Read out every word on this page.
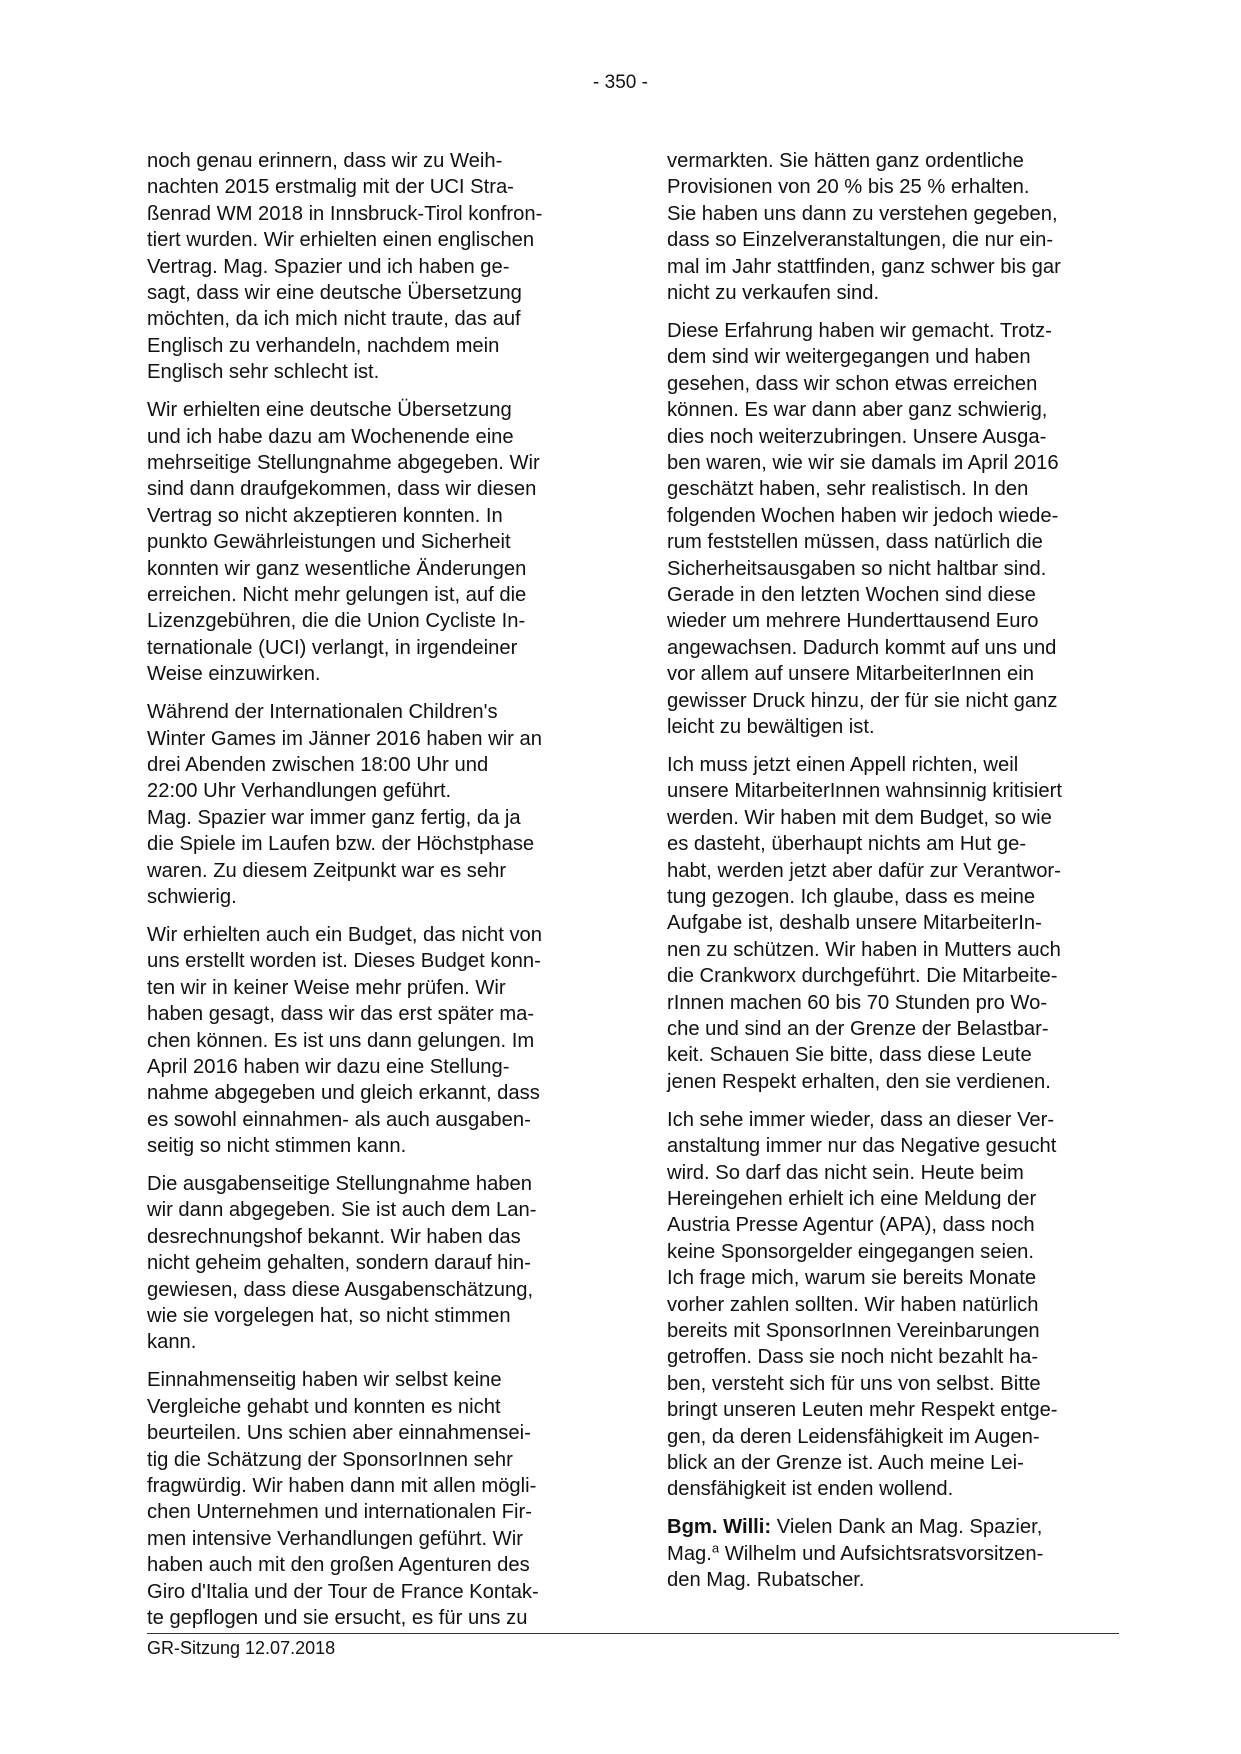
- 350 -

noch genau erinnern, dass wir zu Weih-
nachten 2015 erstmalig mit der UCI Stra-
ßenrad WM 2018 in Innsbruck-Tirol konfron-
tiert wurden. Wir erhielten einen englischen
Vertrag. Mag. Spazier und ich haben ge-
sagt, dass wir eine deutsche Übersetzung
möchten, da ich mich nicht traute, das auf
Englisch zu verhandeln, nachdem mein
Englisch sehr schlecht ist.

Wir erhielten eine deutsche Übersetzung
und ich habe dazu am Wochenende eine
mehrseitige Stellungnahme abgegeben. Wir
sind dann draufgekommen, dass wir diesen
Vertrag so nicht akzeptieren konnten. In
punkto Gewährleistungen und Sicherheit
konnten wir ganz wesentliche Änderungen
erreichen. Nicht mehr gelungen ist, auf die
Lizenzgebühren, die die Union Cycliste In-
ternationale (UCI) verlangt, in irgendeiner
Weise einzuwirken.

Während der Internationalen Children's
Winter Games im Jänner 2016 haben wir an
drei Abenden zwischen 18:00 Uhr und
22:00 Uhr Verhandlungen geführt.
Mag. Spazier war immer ganz fertig, da ja
die Spiele im Laufen bzw. der Höchstphase
waren. Zu diesem Zeitpunkt war es sehr
schwierig.

Wir erhielten auch ein Budget, das nicht von
uns erstellt worden ist. Dieses Budget konn-
ten wir in keiner Weise mehr prüfen. Wir
haben gesagt, dass wir das erst später ma-
chen können. Es ist uns dann gelungen. Im
April 2016 haben wir dazu eine Stellung-
nahme abgegeben und gleich erkannt, dass
es sowohl einnahmen- als auch ausgaben-
seitig so nicht stimmen kann.

Die ausgabenseitige Stellungnahme haben
wir dann abgegeben. Sie ist auch dem Lan-
desrechnungshof bekannt. Wir haben das
nicht geheim gehalten, sondern darauf hin-
gewiesen, dass diese Ausgabenschätzung,
wie sie vorgelegen hat, so nicht stimmen
kann.

Einnahmenseitig haben wir selbst keine
Vergleiche gehabt und konnten es nicht
beurteilen. Uns schien aber einnahmensei-
tig die Schätzung der SponsorInnen sehr
fragwürdig. Wir haben dann mit allen mögli-
chen Unternehmen und internationalen Fir-
men intensive Verhandlungen geführt. Wir
haben auch mit den großen Agenturen des
Giro d'Italia und der Tour de France Kontak-
te gepflogen und sie ersucht, es für uns zu

vermarkten. Sie hätten ganz ordentliche
Provisionen von 20 % bis 25 % erhalten.
Sie haben uns dann zu verstehen gegeben,
dass so Einzelveranstaltungen, die nur ein-
mal im Jahr stattfinden, ganz schwer bis gar
nicht zu verkaufen sind.

Diese Erfahrung haben wir gemacht. Trotz-
dem sind wir weitergegangen und haben
gesehen, dass wir schon etwas erreichen
können. Es war dann aber ganz schwierig,
dies noch weiterzubringen. Unsere Ausga-
ben waren, wie wir sie damals im April 2016
geschätzt haben, sehr realistisch. In den
folgenden Wochen haben wir jedoch wiede-
rum feststellen müssen, dass natürlich die
Sicherheitsausgaben so nicht haltbar sind.
Gerade in den letzten Wochen sind diese
wieder um mehrere Hunderttausend Euro
angewachsen. Dadurch kommt auf uns und
vor allem auf unsere MitarbeiterInnen ein
gewisser Druck hinzu, der für sie nicht ganz
leicht zu bewältigen ist.

Ich muss jetzt einen Appell richten, weil
unsere MitarbeiterInnen wahnsinnig kritisiert
werden. Wir haben mit dem Budget, so wie
es dasteht, überhaupt nichts am Hut ge-
habt, werden jetzt aber dafür zur Verantwor-
tung gezogen. Ich glaube, dass es meine
Aufgabe ist, deshalb unsere MitarbeiterIn-
nen zu schützen. Wir haben in Mutters auch
die Crankworx durchgeführt. Die Mitarbeite-
rInnen machen 60 bis 70 Stunden pro Wo-
che und sind an der Grenze der Belastbar-
keit. Schauen Sie bitte, dass diese Leute
jenen Respekt erhalten, den sie verdienen.

Ich sehe immer wieder, dass an dieser Ver-
anstaltung immer nur das Negative gesucht
wird. So darf das nicht sein. Heute beim
Hereingehen erhielt ich eine Meldung der
Austria Presse Agentur (APA), dass noch
keine Sponsorgelder eingegangen seien.
Ich frage mich, warum sie bereits Monate
vorher zahlen sollten. Wir haben natürlich
bereits mit SponsorInnen Vereinbarungen
getroffen. Dass sie noch nicht bezahlt ha-
ben, versteht sich für uns von selbst. Bitte
bringt unseren Leuten mehr Respekt entge-
gen, da deren Leidensfähigkeit im Augen-
blick an der Grenze ist. Auch meine Lei-
densfähigkeit ist enden wollend.

Bgm. Willi: Vielen Dank an Mag. Spazier,
Mag.$^a$ Wilhelm und Aufsichtsratsvorsitzen-
den Mag. Rubatscher.

GR-Sitzung 12.07.2018
